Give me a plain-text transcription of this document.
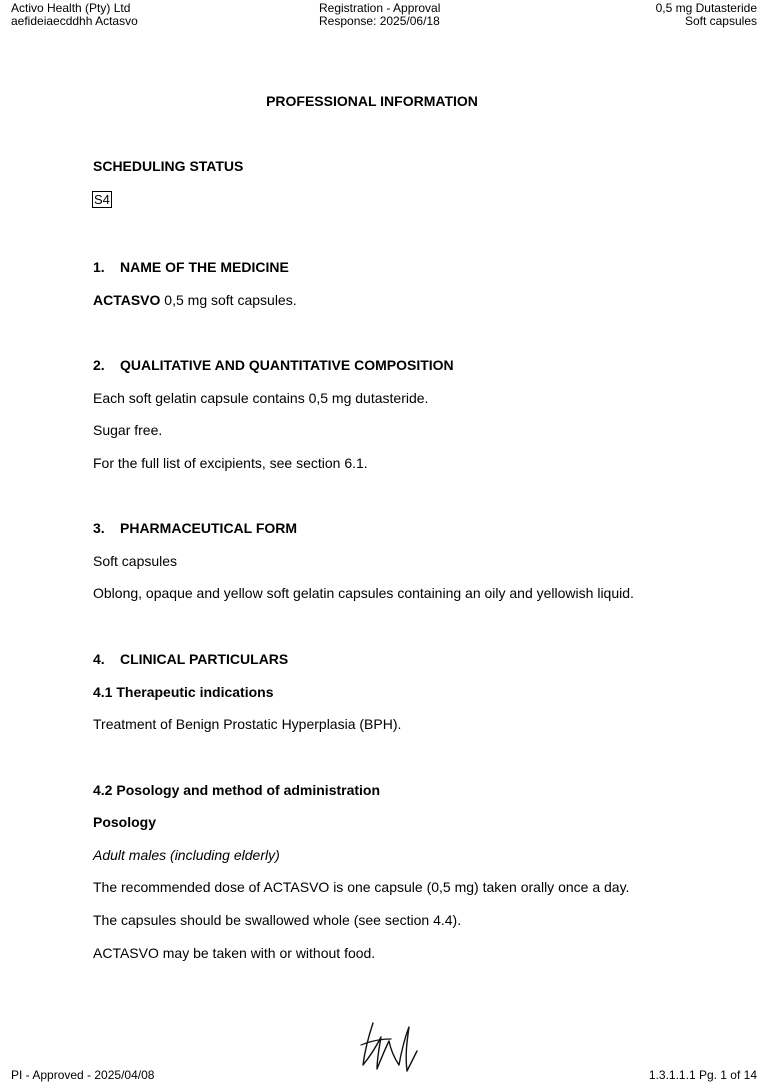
Activo Health (Pty) Ltd
aefideiaecddhh Actasvo
Registration - Approval
Response: 2025/06/18
0,5 mg Dutasteride
Soft capsules
PROFESSIONAL INFORMATION
SCHEDULING STATUS
S4
1. NAME OF THE MEDICINE
ACTASVO 0,5 mg soft capsules.
2. QUALITATIVE AND QUANTITATIVE COMPOSITION
Each soft gelatin capsule contains 0,5 mg dutasteride.
Sugar free.
For the full list of excipients, see section 6.1.
3. PHARMACEUTICAL FORM
Soft capsules
Oblong, opaque and yellow soft gelatin capsules containing an oily and yellowish liquid.
4. CLINICAL PARTICULARS
4.1 Therapeutic indications
Treatment of Benign Prostatic Hyperplasia (BPH).
4.2 Posology and method of administration
Posology
Adult males (including elderly)
The recommended dose of ACTASVO is one capsule (0,5 mg) taken orally once a day.
The capsules should be swallowed whole (see section 4.4).
ACTASVO may be taken with or without food.
PI - Approved - 2025/04/08	1.3.1.1.1 Pg. 1 of 14
